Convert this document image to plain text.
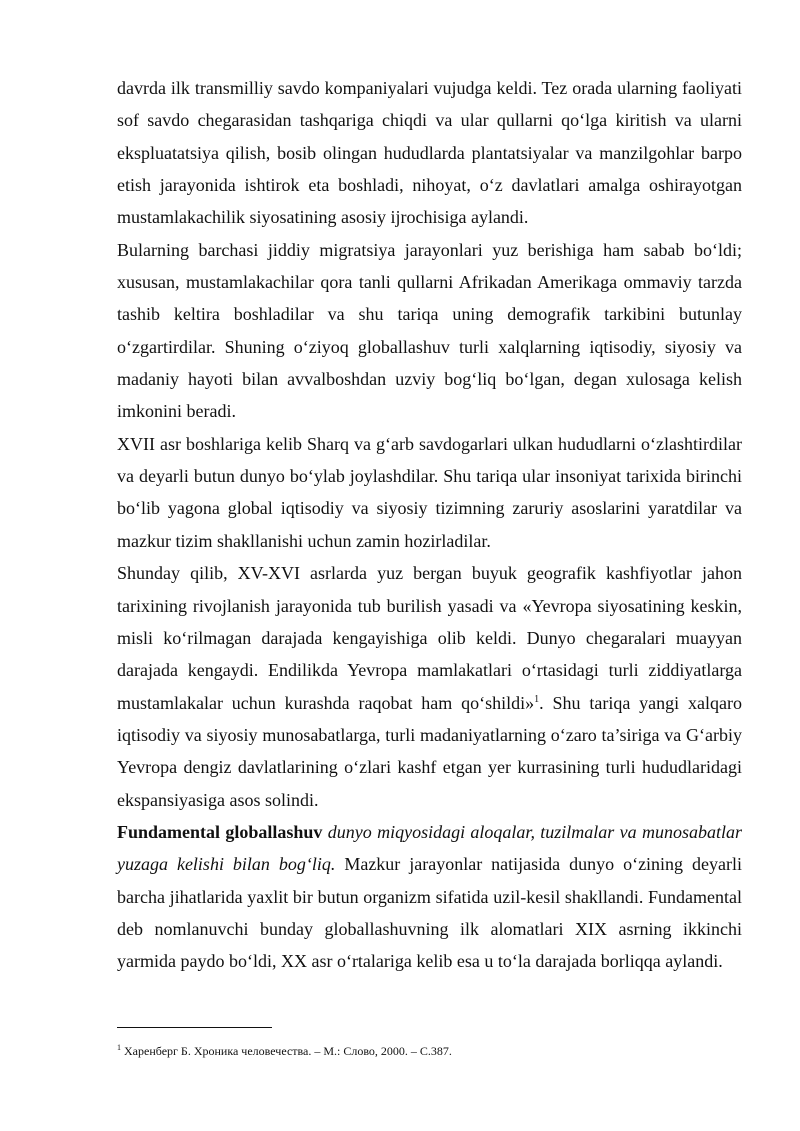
davrda ilk transmilliy savdo kompaniyalari vujudga keldi. Tez orada ularning faoliyati sof savdo chegarasidan tashqariga chiqdi va ular qullarni qo‘lga kiritish va ularni ekspluatatsiya qilish, bosib olingan hududlarda plantatsiyalar va manzilgohlar barpo etish jarayonida ishtirok eta boshladi, nihoyat, o‘z davlatlari amalga oshirayotgan mustamlakachilik siyosatining asosiy ijrochisiga aylandi.

Bularning barchasi jiddiy migratsiya jarayonlari yuz berishiga ham sabab bo‘ldi; xususan, mustamlakachilar qora tanli qullarni Afrikadan Amerikaga ommaviy tarzda tashib keltira boshladilar va shu tariqa uning demografik tarkibini butunlay o‘zgartirdilar. Shuning o‘ziyoq globallashuv turli xalqlarning iqtisodiy, siyosiy va madaniy hayoti bilan avvalboshdan uzviy bog‘liq bo‘lgan, degan xulosaga kelish imkonini beradi.

XVII asr boshlariga kelib Sharq va g‘arb savdogarlari ulkan hududlarni o‘zlashtirdilar va deyarli butun dunyo bo‘ylab joylashdilar. Shu tariqa ular insoniyat tarixida birinchi bo‘lib yagona global iqtisodiy va siyosiy tizimning zaruriy asoslarini yaratdilar va mazkur tizim shakllanishi uchun zamin hozirladilar.

Shunday qilib, XV-XVI asrlarda yuz bergan buyuk geografik kashfiyotlar jahon tarixining rivojlanish jarayonida tub burilish yasadi va «Yevropa siyosatining keskin, misli ko‘rilmagan darajada kengayishiga olib keldi. Dunyo chegaralari muayyan darajada kengaydi. Endilikda Yevropa mamlakatlari o‘rtasidagi turli ziddiyatlarga mustamlakalar uchun kurashda raqobat ham qo‘shildi»$^1$. Shu tariqa yangi xalqaro iqtisodiy va siyosiy munosabatlarga, turli madaniyatlarning o‘zaro ta’siriga va G‘arbiy Yevropa dengiz davlatlarining o‘zlari kashf etgan yer kurrasining turli hududlaridagi ekspansiyasiga asos solindi.

Fundamental globallashuv dunyo miqyosidagi aloqalar, tuzilmalar va munosabatlar yuzaga kelishi bilan bog‘liq. Mazkur jarayonlar natijasida dunyo o‘zining deyarli barcha jihatlarida yaxlit bir butun organizm sifatida uzil-kesil shakllandi. Fundamental deb nomlanuvchi bunday globallashuvning ilk alomatlari XIX asrning ikkinchi yarmida paydo bo‘ldi, XX asr o‘rtalariga kelib esa u to‘la darajada borliqqa aylandi.

$^1$ Харенберг Б. Хроника человечества. – М.: Слово, 2000. – С.387.
